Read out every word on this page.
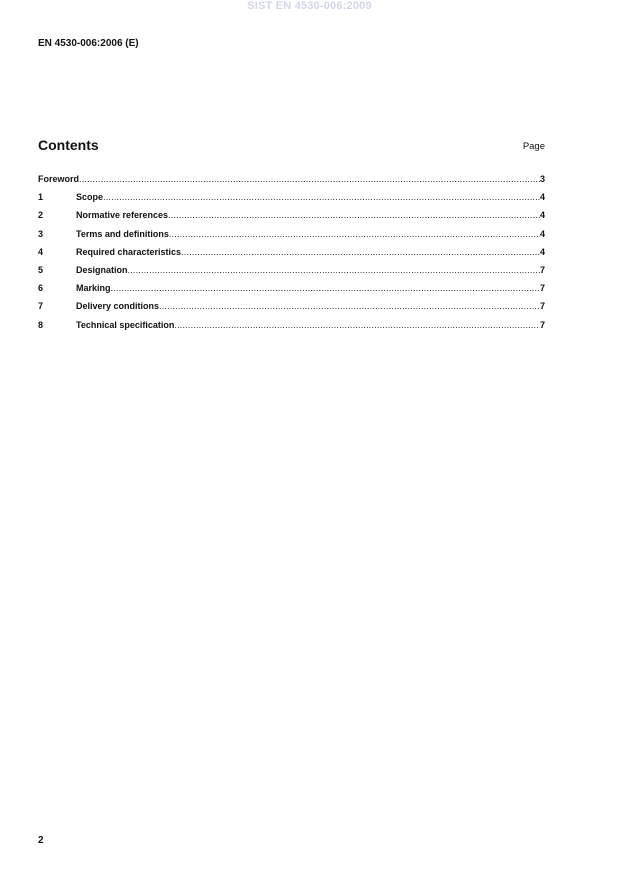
SIST EN 4530-006:2009
EN 4530-006:2006 (E)
Contents	Page
Foreword .....	3
1	Scope .....	4
2	Normative references .....	4
3	Terms and definitions .....	4
4	Required characteristics .....	4
5	Designation .....	7
6	Marking .....	7
7	Delivery conditions .....	7
8	Technical specification .....	7
2
